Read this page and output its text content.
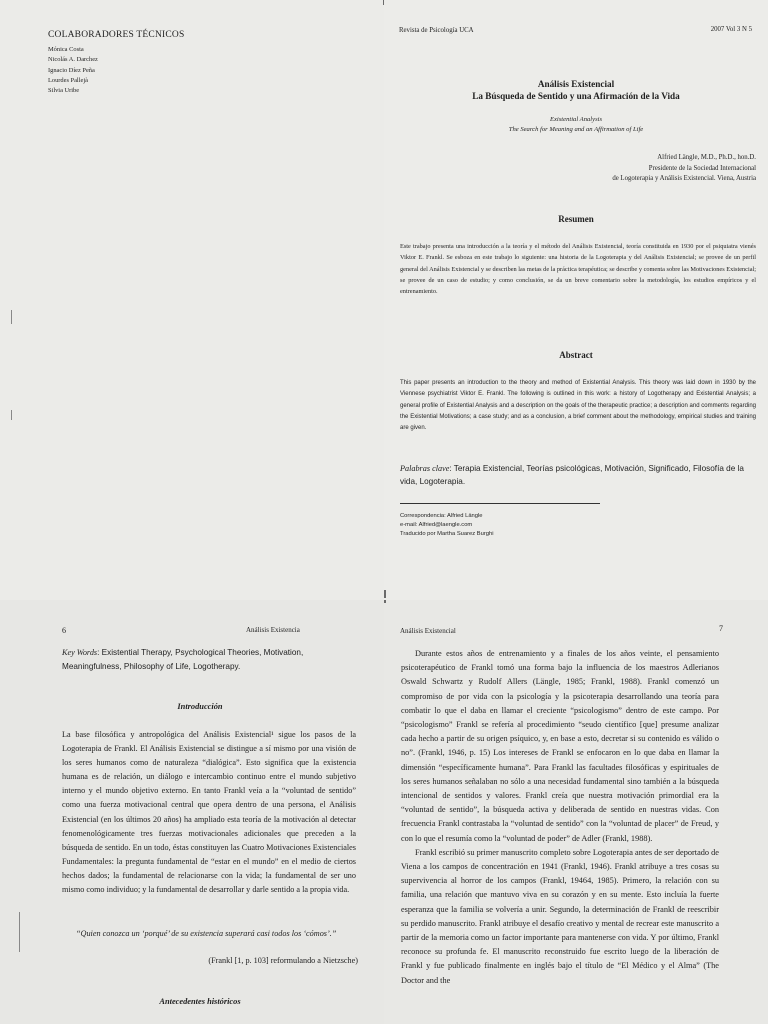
COLABORADORES TÉCNICOS
Mónica Costa
Nicolás A. Darchez
Ignacio Díez Peña
Lourdes Pallejà
Silvia Uribe
Revista de Psicología UCA	2007 Vol 3 N 5
Análisis Existencial
La Búsqueda de Sentido y una Afirmación de la Vida
Existential Analysis
The Search for Meaning and an Affirmation of Life
Alfried Längle, M.D., Ph.D., hon.D.
Presidente de la Sociedad Internacional
de Logoterapia y Análisis Existencial. Viena, Austria
Resumen
Este trabajo presenta una introducción a la teoría y el método del Análisis Existencial, teoría constituida en 1930 por el psiquiatra vienés Viktor E. Frankl. Se esboza en este trabajo lo siguiente: una historia de la Logoterapia y del Análisis Existencial; se provee de un perfil general del Análisis Existencial y se describen las metas de la práctica terapéutica; se describe y comenta sobre las Motivaciones Existencial; se provee de un caso de estudio; y como conclusión, se da un breve comentario sobre la metodología, los estudios empíricos y el entrenamiento.
Abstract
This paper presents an introduction to the theory and method of Existential Analysis. This theory was laid down in 1930 by the Viennese psychiatrist Viktor E. Frankl. The following is outlined in this work: a history of Logotherapy and Existential Analysis; a general profile of Existential Analysis and a description on the goals of the therapeutic practice; a description and comments regarding the Existential Motivations; a case study; and as a conclusion, a brief comment about the methodology, empirical studies and training are given.
Palabras clave: Terapia Existencial, Teorías psicológicas, Motivación, Significado, Filosofía de la vida, Logoterapia.
Correspondencia: Alfried Längle
e-mail: Alfried@laengle.com
Traducido por Martha Suarez Burghi
6	Análisis Existencia
Key Words: Existential Therapy, Psychological Theories, Motivation, Meaningfulness, Philosophy of Life, Logotherapy.
Introducción
La base filosófica y antropológica del Análisis Existencial¹ sigue los pasos de la Logoterapia de Frankl. El Análisis Existencial se distingue a sí mismo por una visión de los seres humanos como de naturaleza “dialógica”. Esto significa que la existencia humana es de relación, un diálogo e intercambio continuo entre el mundo subjetivo interno y el mundo objetivo externo. En tanto Frankl veía a la “voluntad de sentido” como una fuerza motivacional central que opera dentro de una persona, el Análisis Existencial (en los últimos 20 años) ha ampliado esta teoría de la motivación al detectar fenomenológicamente tres fuerzas motivacionales adicionales que preceden a la búsqueda de sentido. En un todo, éstas constituyen las Cuatro Motivaciones Existenciales Fundamentales: la pregunta fundamental de “estar en el mundo” en el medio de ciertos hechos dados; la fundamental de relacionarse con la vida; la fundamental de ser uno mismo como individuo; y la fundamental de desarrollar y darle sentido a la propia vida.
“Quien conozca un ‘porqué’ de su existencia superará casi todos los ‘cómos’.”
(Frankl [1, p. 103] reformulando a Nietzsche)
Antecedentes históricos
Análisis Existencial	7

Durante estos años de entrenamiento y a finales de los años veinte, el pensamiento psicoterapéutico de Frankl tomó una forma bajo la influencia de los maestros Adlerianos Oswald Schwartz y Rudolf Allers (Längle, 1985; Frankl, 1988). Frankl comenzó un compromiso de por vida con la psicología y la psicoterapia desarrollando una teoría para combatir lo que el daba en llamar el creciente “psicologismo” dentro de este campo. Por “psicologismo” Frankl se refería al procedimiento “seudo científico [que] presume analizar cada hecho a partir de su origen psíquico, y, en base a esto, decretar si su contenido es válido o no”. (Frankl, 1946, p. 15) Los intereses de Frankl se enfocaron en lo que daba en llamar la dimensión “específicamente humana”. Para Frankl las facultades filosóficas y espirituales de los seres humanos señalaban no sólo a una necesidad fundamental sino también a la búsqueda intencional de sentidos y valores. Frankl creía que nuestra motivación primordial era la “voluntad de sentido”, la búsqueda activa y deliberada de sentido en nuestras vidas. Con frecuencia Frankl contrastaba la “voluntad de sentido” con la “voluntad de placer” de Freud, y con lo que el resumía como la “voluntad de poder” de Adler (Frankl, 1988).

Frankl escribió su primer manuscrito completo sobre Logoterapia antes de ser deportado de Viena a los campos de concentración en 1941 (Frankl, 1946). Frankl atribuye a tres cosas su supervivencia al horror de los campos (Frankl, 19464, 1985). Primero, la relación con su familia, una relación que mantuvo viva en su corazón y en su mente. Esto incluía la fuerte esperanza que la familia se volvería a unir. Segundo, la determinación de Frankl de reescribir su perdido manuscrito. Frankl atribuye el desafío creativo y mental de recrear este manuscrito a partir de la memoria como un factor importante para mantenerse con vida. Y por último, Frankl reconoce su profunda fe. El manuscrito reconstruido fue escrito luego de la liberación de Frankl y fue publicado finalmente en inglés bajo el título de “El Médico y el Alma” (The Doctor and the
